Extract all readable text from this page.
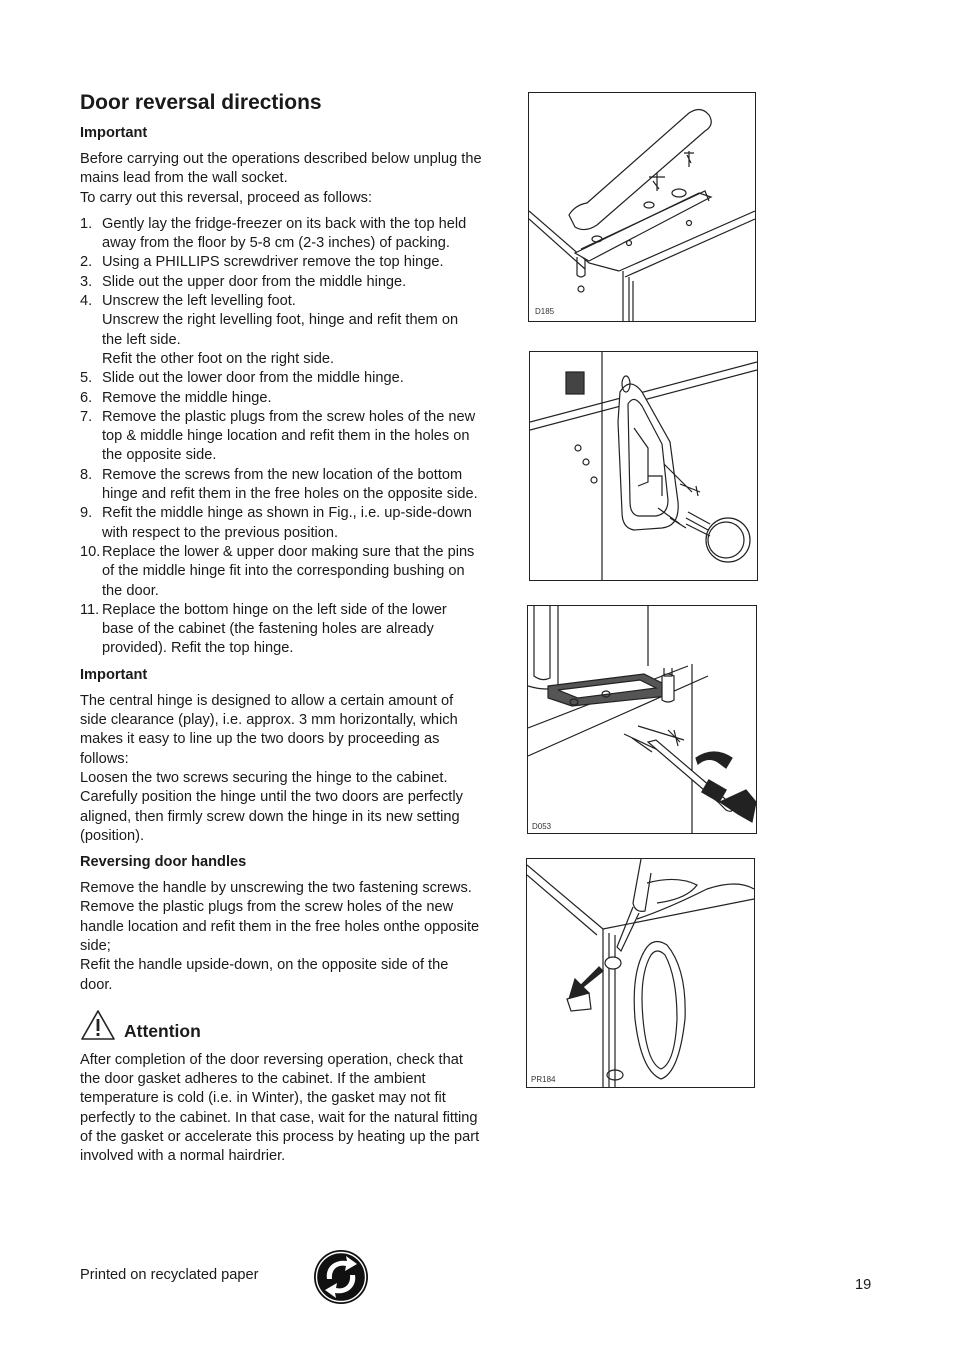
Door reversal directions
Important

Before carrying out the operations described below unplug the mains lead from the wall socket.

To carry out this reversal, proceed as follows:

1. Gently lay the fridge-freezer on its back with the top held away from the floor by 5-8 cm (2-3 inches) of packing.
2. Using a PHILLIPS screwdriver remove the top hinge.
3. Slide out the upper door from the middle hinge.
4. Unscrew the left levelling foot.
Unscrew the right levelling foot, hinge and refit them on the left side.
Refit the other foot on the right side.
5. Slide out the lower door from the middle hinge.
6. Remove the middle hinge.
7. Remove the plastic plugs from the screw holes of the new top & middle hinge location and refit them in the holes on the opposite side.
8. Remove the screws from the new location of the bottom hinge and refit them in the free holes on the opposite side.
9. Refit the middle hinge as shown in Fig., i.e. up-side-down with respect to the previous position.
10. Replace the lower & upper door making sure that the pins of the middle hinge fit into the corresponding bushing on the door.
11. Replace the bottom hinge on the left side of the lower base of the cabinet (the fastening holes are already provided). Refit the top hinge.
Important

The central hinge is designed to allow a certain amount of side clearance (play), i.e. approx. 3 mm horizontally, which makes it easy to line up the two doors by proceeding as follows:

Loosen the two screws securing the hinge to the cabinet.

Carefully position the hinge until the two doors are perfectly aligned, then firmly screw down the hinge in its new setting (position).

Reversing door handles

Remove the handle by unscrewing the two fastening screws.

Remove the plastic plugs from the screw holes of the new handle location and refit them in the free holes onthe opposite side;

Refit the handle upside-down, on the opposite side of the door.

Attention

After completion of the door reversing operation, check that the door gasket adheres to the cabinet. If the ambient temperature is cold (i.e. in Winter), the gasket may not fit perfectly to the cabinet. In that case, wait for the natural fitting of the gasket or accelerate this process by heating up the part involved with a normal hairdrier.

Printed on recyclated paper
19
D185
D053
PR184
